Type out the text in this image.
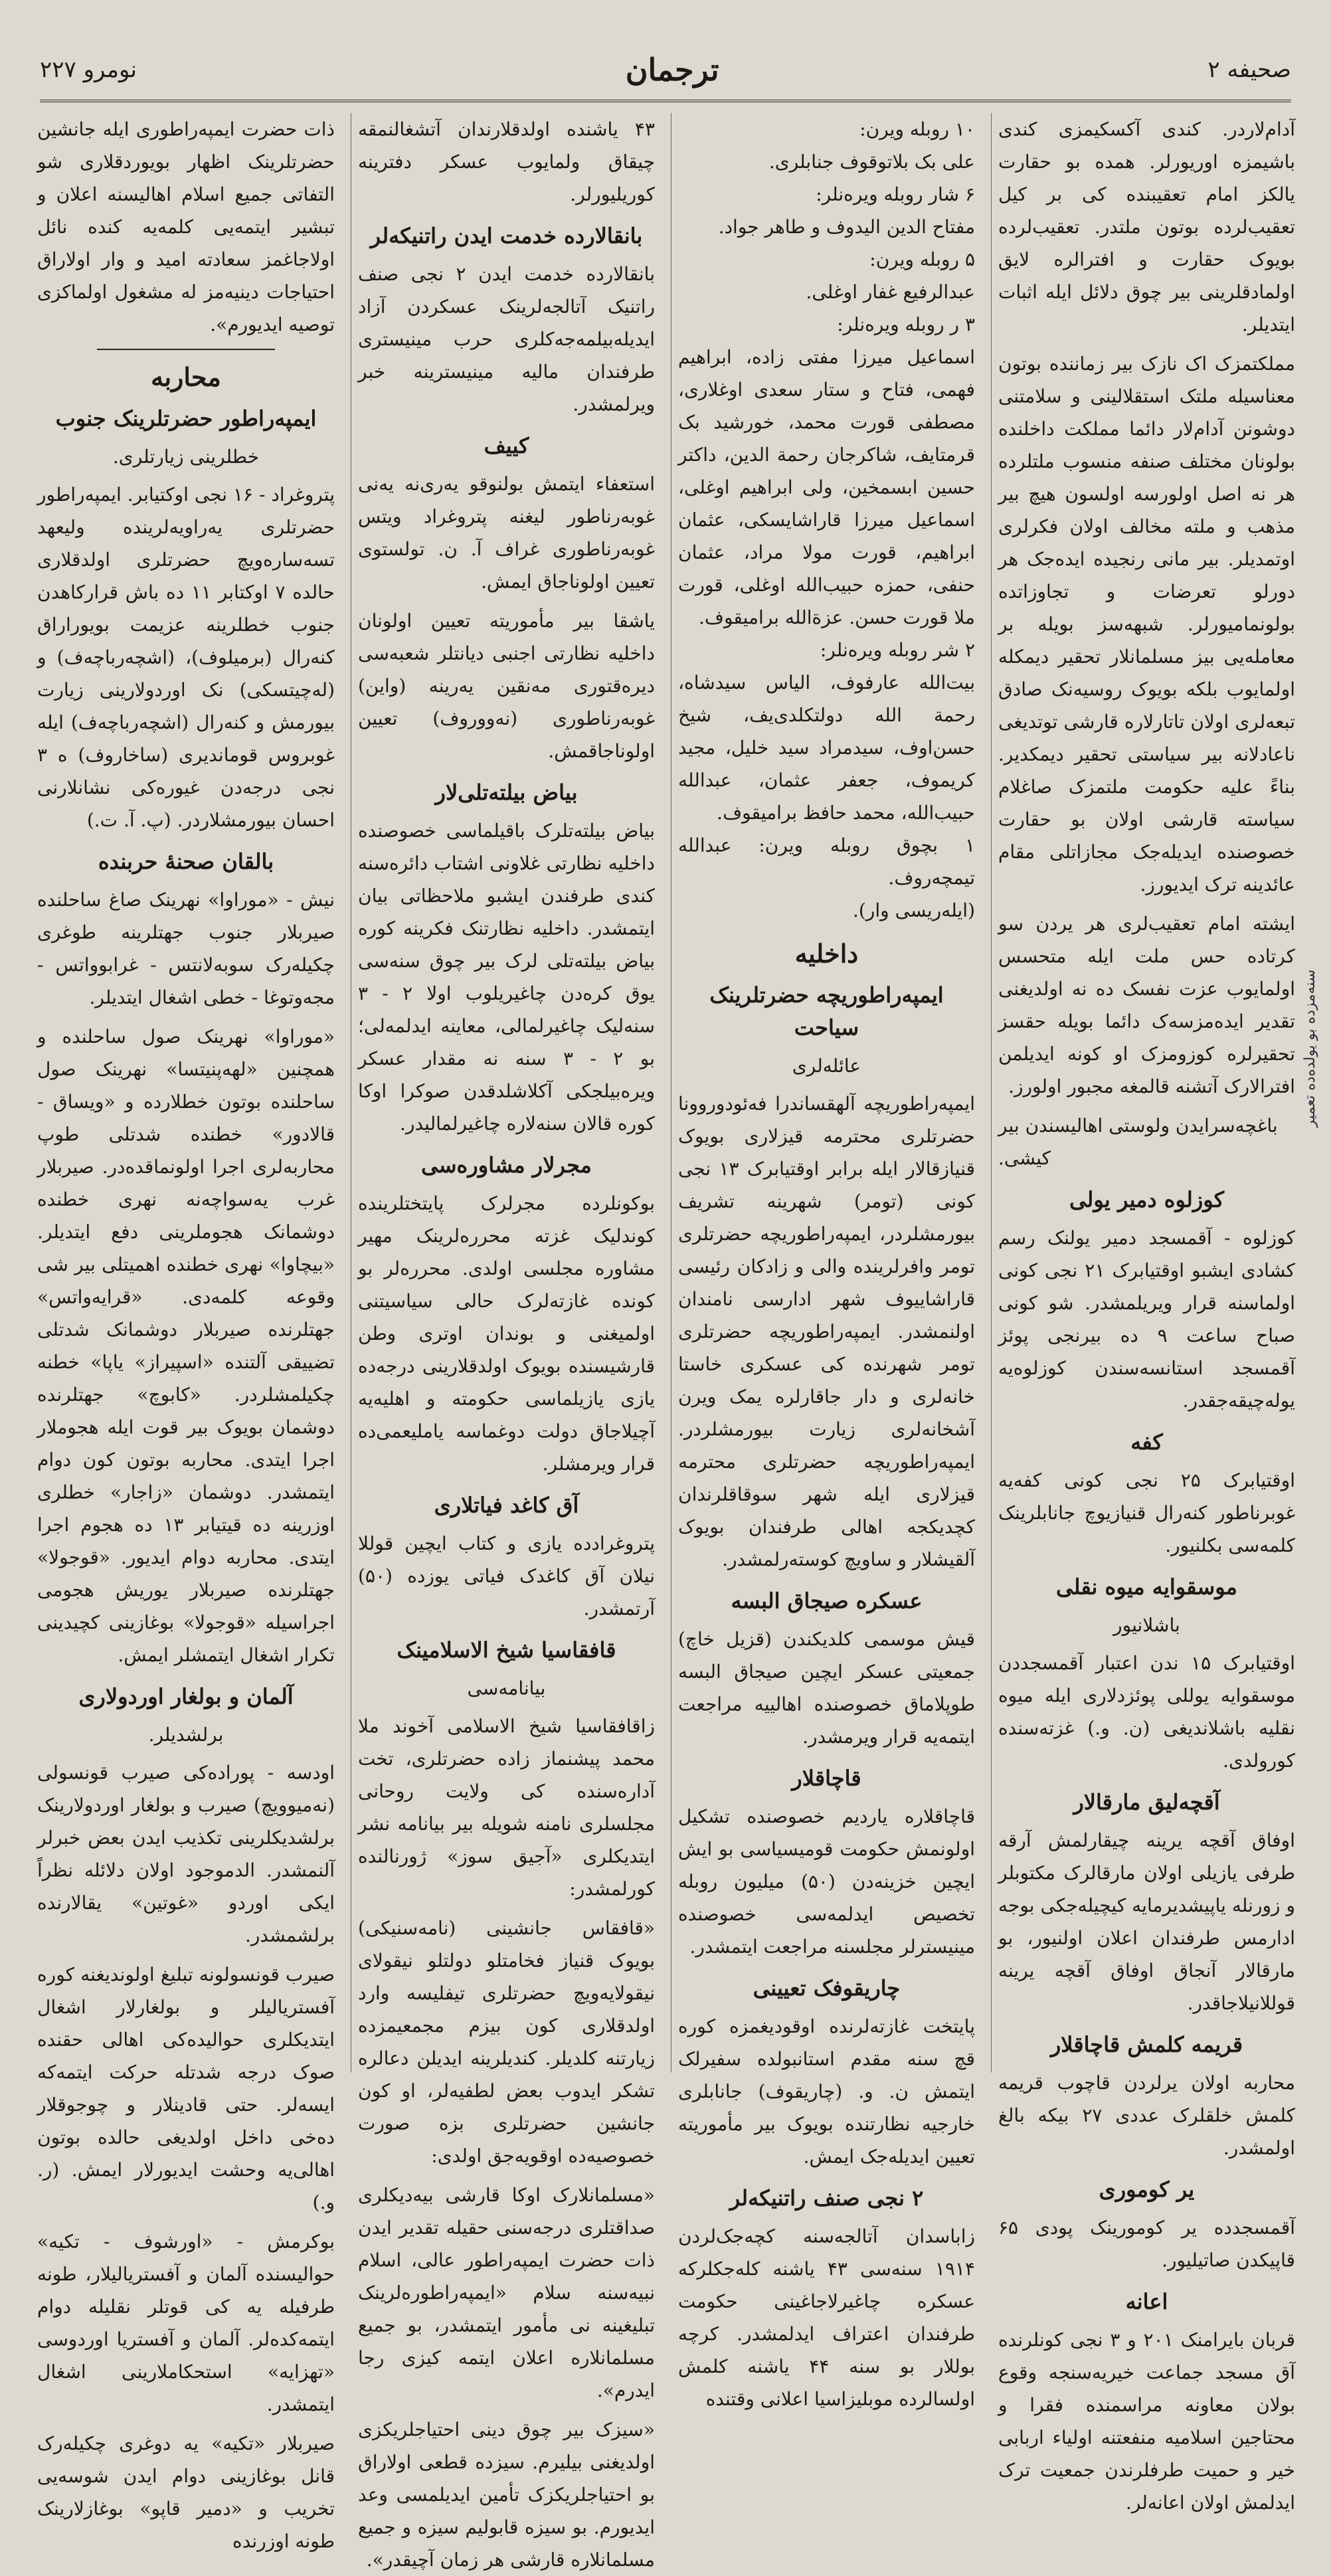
صحیفه ۲
ترجمان
نومرو ۲۲۷

آدام‌لاردر. کندی آکسکیمزی کندی باشیمزه اوریورلر. همده بو حقارت یالکز امام تعقیبنده کی بر کیل تعقیب‌لرده بوتون ملتدر. تعقیب‌لرده بویوک حقارت و افترالره لایق اولمادقلرینی بیر چوق دلائل ایله اثبات ایتدیلر.

مملکتمزک اک نازک بیر زماننده بوتون معناسیله ملتک استقلالینی و سلامتنی دوشونن آدام‌لار دائما مملکت داخلنده بولونان مختلف صنفه منسوب ملتلرده هر نه اصل اولورسه اولسون هیچ بیر مذهب و ملته مخالف اولان فکرلری اوتمدیلر. بیر مانی رنجیده ایده‌جک هر دورلو تعرضات و تجاوزاتده بولونمامیورلر. شبهه‌سز بویله بر معامله‌یی بیز مسلمانلار تحقیر دیمکله اولمایوب بلکه بویوک روسیه‌نک صادق تبعه‌لری اولان تاتارلاره قارشی توتدیغی ناعادلانه بیر سیاستی تحقیر دیمکدیر. بناءً علیه حکومت ملتمزک صاغلام سیاسته قارشی اولان بو حقارت خصوصنده ایدیله‌جک مجازاتلی مقام عائدینه ترک ایدیورز.

ایشته امام تعقیب‌لری هر یردن سو کرتاده حس ملت ایله متحسس اولمایوب عزت نفسک ده نه اولدیغنی تقدیر ایده‌مزسه‌ک دائما بویله حقسز تحقیرلره کوزومزک او کونه ایدیلمن افترالارک آتشنه قالمغه مجبور اولورز.

باغچه‌سرایدن ولوستی اهالیسندن بیر کیشی.

کوزلوه دمیر یولی

کوزلوه - آقمسجد دمیر یولنک رسم کشادی ایشبو اوقتیابرک ۲۱ نجی کونی اولماسنه قرار ویریلمشدر. شو کونی صباح ساعت ۹ ده بیرنجی پوئز آقمسجد استانسه‌سندن کوزلوه‌یه یوله‌چیقه‌جقدر.

کفه

اوقتیابرک ۲۵ نجی کونی کفه‌یه غوبرناطور کنه‌رال قنیازیوچ جانابلرینک کلمه‌سی بکلنیور.

موسقوایه میوه نقلی
باشلانیور

اوقتیابرک ۱۵ ندن اعتبار آقمسجددن موسقوایه یوللی پوئزدلاری ایله میوه نقلیه باشلاندیغی (ن. و.) غزته‌سنده کورولدی.

آقچه‌لیق مارقالار

اوفاق آقچه یرینه چیقارلمش آرقه طرفی یازیلی اولان مارقالرک مکتوبلر و زورنله یاپیشدیرمایه کیچیله‌جکی بوجه ادارمس طرفندان اعلان اولنیور، بو مارقالار آنجاق اوفاق آقچه یرینه قوللانیلاجاقدر.

قریمه کلمش قاچاقلار

محاربه اولان یرلردن قاچوب قریمه کلمش خلقلرک عددی ۲۷ بیکه بالغ اولمشدر.

یر کوموری

آقمسجدده یر کومورینک پودی ۶۵ قاپیکدن صاتیلیور.

اعانه

قربان بایرامنک ۲۰۱ و ۳ نجی کونلرنده آق مسجد جماعت خیریه‌سنجه وقوع بولان معاونه مراسمنده فقرا و محتاجین اسلامیه منفعتنه اولیاء اربابی خیر و حمیت طرفلرندن جمعیت ترک ایدلمش اولان اعانه‌لر.

۱۰ روبله ویرن:

علی بک بلاتوقوف جنابلری.

۶ شار روبله ویره‌نلر:

مفتاح الدین الیدوف و طاهر جواد.

۵ روبله ویرن:

عبدالرفیع غفار اوغلی.

۳ ر روبله ویره‌نلر:

اسماعیل میرزا مفتی زاده، ابراهیم فهمی، فتاح و ستار سعدی اوغلاری، مصطفی قورت محمد، خورشید بک قرمتایف، شاکرجان رحمة الدین، داکتر حسین ابسمخین، ولی ابراهیم اوغلی، اسماعیل میرزا قاراشایسکی، عثمان ابراهیم، قورت مولا مراد، عثمان حنفی، حمزه حبیب‌الله اوغلی، قورت ملا قورت حسن. عزةالله برامیقوف.

۲ شر روبله ویره‌نلر:

بیت‌الله عارفوف، الیاس سیدشاه، رحمة الله دولتکلدی‌یف، شیخ حسن‌اوف، سیدمراد سید خلیل، مجید کریموف، جعفر عثمان، عبدالله حبیب‌الله، محمد حافظ برامیقوف.

۱ بچوق روبله ویرن: عبدالله تیمچه‌روف.

(ایله‌ریسی وار).

داخلیه
ایمپه‌راطوریچه حضرتلرینک سیاحت
عائله‌لری

ایمپه‌راطوریچه آلهقساندرا فه‌ئودوروونا حضرتلری محترمه قیزلاری بویوک قنیازقالار ایله برابر اوقتیابرک ۱۳ نجی کونی (تومر) شهرینه تشریف بیورمشلردر، ایمپه‌راطوریچه حضرتلری تومر وافرلرینده والی و زادکان رئیسی قاراشاییوف شهر ادارسی نامندان اولنمشدر. ایمپه‌راطوریچه حضرتلری تومر شهرنده کی عسکری خاستا خانه‌لری و دار جاقارلره یمک ویرن آشخانه‌لری زیارت بیورمشلردر. ایمپه‌راطوریچه حضرتلری محترمه قیزلاری ایله شهر سوقاقلرندان کچدیکجه اهالی طرفندان بویوک آلقیشلار و ساویچ کوسته‌رلمشدر.

عسکره صیجاق البسه

قیش موسمی کلدیکندن (قزیل خاچ) جمعیتی عسکر ایچین صیجاق البسه طوپلاماق خصوصنده اهالییه مراجعت ایتمه‌یه قرار ویرمشدر.

قاچاقلار

قاچاقلاره یاردیم خصوصنده تشکیل اولونمش حکومت قومیسیاسی بو ایش ایچین خزینه‌دن (۵۰) میلیون روبله تخصیص ایدلمه‌سی خصوصنده مینیسترلر مجلسنه مراجعت ایتمشدر.

چاریقوفک تعیینی

پایتخت غازته‌لرنده اوقودیغمزه کوره قچ سنه مقدم استانبولده سفیرلک ایتمش ن. و. (چاریقوف) جانابلری خارجیه نظارتنده بویوک بیر مأموریته تعیین ایدیله‌جک ایمش.

۲ نجی صنف راتنیکه‌لر

زاباسدان آتالجه‌سنه کچه‌جک‌لردن ۱۹۱۴ سنه‌سی ۴۳ یاشنه کله‌جکلرکه عسکره چاغیرلاجاغینی حکومت طرفندان اعتراف ایدلمشدر. کرچه بوللار بو سنه ۴۴ یاشنه کلمش اولسالرده موبلیزاسیا اعلانی وقتنده

۴۳ یاشنده اولدقلارندان آتشغالنمقه چیقاق ولمایوب عسکر دفترینه کوریلیورلر.

بانقالارده خدمت ایدن راتنیکه‌لر

بانقالارده خدمت ایدن ۲ نجی صنف راتنیک آتالجه‌لرینک عسکردن آزاد ایدیله‌بیلمه‌جه‌کلری حرب مینیستری طرفندان مالیه مینیسترینه خبر ویرلمشدر.

کییف

استعفاء ایتمش بولنوقو یه‌ری‌نه یه‌نی غوبه‌رناطور لیغنه پتروغراد ویتس غوبه‌رناطوری غراف آ. ن. تولستوی تعیین اولوناجاق ایمش.

یاشقا بیر مأموریته تعیین اولونان داخلیه نظارتی اجنبی دیانتلر شعبه‌سی دیره‌قتوری مه‌نقین یه‌رینه (واین) غوبه‌رناطوری (نه‌ووروف) تعیین اولوناجاقمش.

بیاض بیلته‌تلی‌لار

بیاض بیلته‌تلرک باقیلماسی خصوصنده داخلیه نظارتی غلاونی اشتاب دائره‌سنه کندی طرفندن ایشبو ملاحظاتی بیان ایتمشدر. داخلیه نظارتنک فکرینه کوره بیاض بیلته‌تلی لرک بیر چوق سنه‌سی یوق کره‌دن چاغیریلوب اولا ۲ - ۳ سنه‌لیک چاغیرلمالی، معاینه ایدلمه‌لی؛ بو ۲ - ۳ سنه نه مقدار عسکر ویره‌بیلجکی آکلاشلدقدن صوکرا اوکا کوره قالان سنه‌لاره چاغیرلمالیدر.

مجرلار مشاوره‌سی

بوکونلرده مجرلرک پایتختلرینده کوندلیک غزته محرره‌لرینک مهیر مشاوره مجلسی اولدی. محرره‌لر بو کونده غازته‌لرک حالی سیاسیتنی اولمیغنی و بوندان اوتری وطن قارشیسنده بویوک اولدقلارینی درجه‌ده یازی یازیلماسی حکومته و اهلیه‌یه آچیلاجاق دولت دوغماسه یاملیعمی‌ده قرار ویرمشلر.

آق کاغد فیاتلاری

پتروغرادده یازی و کتاب ایچین قوللا نیلان آق کاغدک فیاتی یوزده (۵۰) آرتمشدر.

قافقاسیا شیخ الاسلامینک
بیانامه‌سی

زاقافقاسیا شیخ الاسلامی آخوند ملا محمد پیشنماز زاده حضرتلری، تخت آداره‌سنده کی ولایت روحانی مجلسلری نامنه شویله بیر بیانامه نشر ایتدیکلری «آجیق سوز» ژورنالنده کورلمشدر:

«قافقاس جانشینی (نامه‌سنیکی) بویوک قنیاز فخامتلو دولتلو نیقولای نیقولایه‌ویچ حضرتلری تیفلیسه وارد اولدقلاری کون بیزم مجمعیمزده زیارتنه کلدیلر. کندیلرینه ایدیلن دعالره تشکر ایدوب بعض لطفیه‌لر، او کون جانشین حضرتلری بزه صورت خصوصیه‌ده اوقویه‌جق اولدی:

«مسلمانلارک اوکا قارشی بیه‌دیکلری صداقتلری درجه‌سنی حقیله تقدیر ایدن ذات حضرت ایمپه‌راطور عالی، اسلام نبیه‌سنه سلام «ایمپه‌راطوره‌لرینک تبلیغینه نی مأمور ایتمشدر، بو جمیع مسلمانلاره اعلان ایتمه کیزی رجا ایدرم».

«سیزک بیر چوق دینی احتیاجلریکزی اولدیغنی بیلیرم. سیزده قطعی اولاراق بو احتیاجلریکزک تأمین ایدیلمسی وعد ایدیورم. بو سیزه قابولیم سیزه و جمیع مسلمانلاره قارشی هر زمان آچیقدر».

ذات حضرت ایمپه‌راطوری ایله جانشین حضرتلرینک اظهار بویوردقلاری شو التفاتی جمیع اسلام اهالیسنه اعلان و تبشیر ایتمه‌یی کلمه‌یه کنده نائل اولاجاغمز سعادته امید و وار اولاراق احتیاجات دینیه‌مز له مشغول اولماکزی توصیه ایدیورم».

محاربه
ایمپه‌راطور حضرتلرینک جنوب
خطلرینی زیارتلری.

پتروغراد - ۱۶ نجی اوکتیابر. ایمپه‌راطور حضرتلری یه‌راویه‌لرینده ولیعهد تسه‌ساره‌ویچ حضرتلری اولدقلاری حالده ۷ اوکتابر ۱۱ ده باش قرارکاهدن جنوب خطلرینه عزیمت بویوراراق کنه‌رال (برمیلوف)، (اشچه‌رباچه‌ف) و (له‌چیتسکی) نک اوردولارینی زیارت بیورمش و کنه‌رال (اشچه‌رباچه‌ف) ایله غوبروس قوماندیری (ساخاروف) ه ۳ نجی درجه‌دن غیوره‌کی نشانلارنی احسان بیورمشلاردر. (پ. آ. ت.)

بالقان صحنهٔ حربنده

نیش - «موراوا» نهرینک صاغ ساحلنده صیربلار جنوب جهتلرینه طوغری چکیله‌رک سوبه‌لانتس - غرابوواتس - مجه‌وتوغا - خطی اشغال ایتدیلر.

«موراوا» نهرینک صول ساحلنده و همچنین «لهه‌پنیتسا» نهرینک صول ساحلنده بوتون خطلارده و «ویساق - قالادور» خطنده شدتلی طوپ محاربه‌لری اجرا اولونماقده‌در. صیربلار غرب یه‌سواچه‌نه نهری خطنده دوشمانک هجوملرینی دفع ایتدیلر. «بیچاوا» نهری خطنده اهمیتلی بیر شی وقوعه کلمه‌دی. «قرایه‌واتس» جهتلرنده صیربلار دوشمانک شدتلی تضییقی آلتنده «اسپیراز» یاپا» خطنه چکیلمشلردر. «کابوچ» جهتلرنده دوشمان بویوک بیر قوت ایله هجوملار اجرا ایتدی. محاربه بوتون کون دوام ایتمشدر. دوشمان «زاجار» خطلری اوزرینه ده قیتیابر ۱۳ ده هجوم اجرا ایتدی. محاربه دوام ایدیور. «قوجولا» جهتلرنده صیربلار یوریش هجومی اجراسیله «قوجولا» بوغازینی کچیدینی تکرار اشغال ایتمشلر ایمش.

آلمان و بولغار اوردولاری
برلشدیلر.

اودسه - پوراده‌کی صیرب قونسولی (نه‌میوویچ) صیرب و بولغار اوردولارینک برلشدیکلرینی تکذیب ایدن بعض خبرلر آلنمشدر. الدموجود اولان دلائله نظراً ایکی اوردو «غوتین» یقالارنده برلشمشدر.

صیرب قونسولونه تبلیغ اولوندیغنه کوره آفستریالیلر و بولغارلار اشغال ایتدیکلری حوالیده‌کی اهالی حقنده صوک درجه شدتله حرکت ایتمه‌که ایسه‌لر. حتی قادینلار و چوجوقلار ده‌خی داخل اولدیغی حالده بوتون اهالی‌یه وحشت ایدیورلار ایمش. (ر. و.)

بوکرمش - «اورشوف - تکیه» حوالیسنده آلمان و آفستریالیلار، طونه طرفیله یه کی قوتلر نقلیله دوام ایتمه‌کده‌لر. آلمان و آفستریا اوردوسی «تهزایه» استحکاملارینی اشغال ایتمشدر.

صیربلار «تکیه» یه دوغری چکیله‌رک قانل بوغازینی دوام ایدن شوسه‌یی تخریب و «دمیر قاپو» بوغازلارینک طونه اوزرنده

سنه‌مزده بو یولده‌ده تعمیر
